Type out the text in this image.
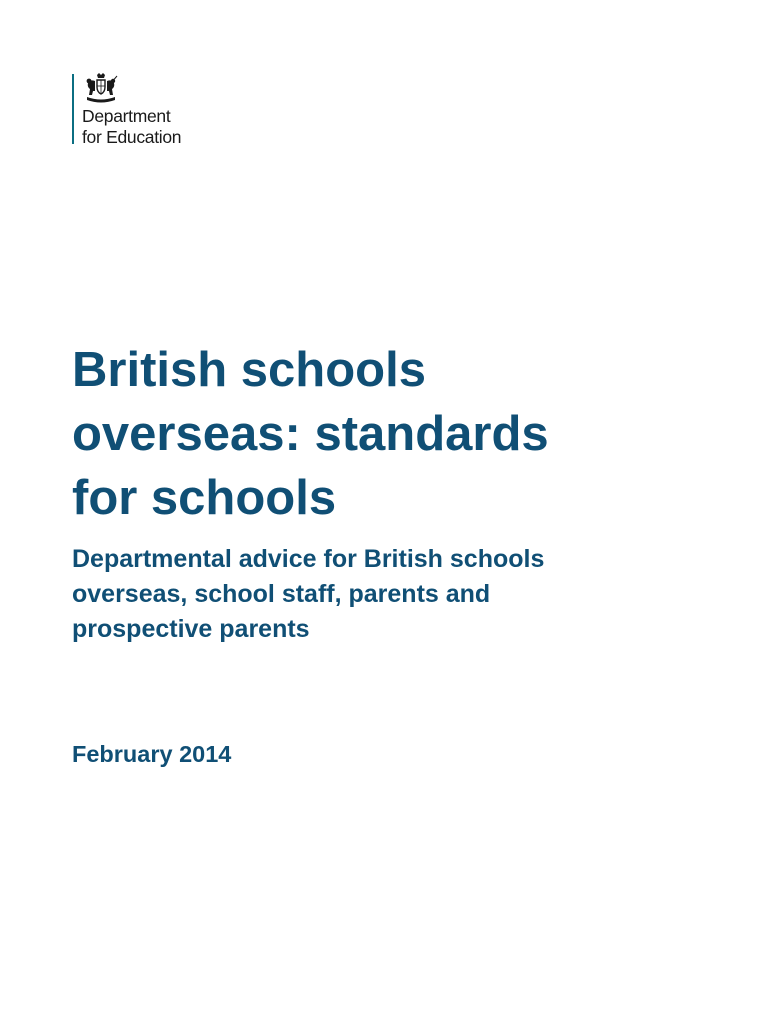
Department
for Education
British schools
overseas: standards
for schools
Departmental advice for British schools
overseas, school staff, parents and
prospective parents
February 2014
